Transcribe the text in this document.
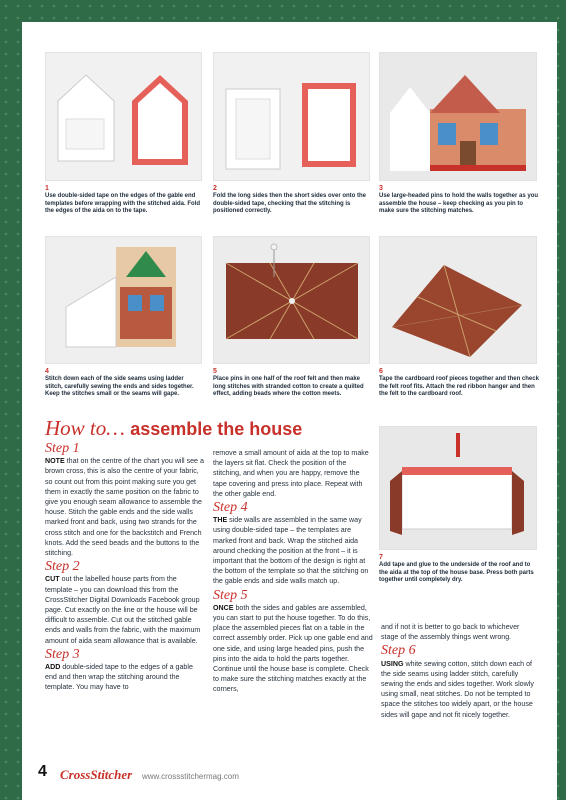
1
Use double-sided tape on the edges of the gable end templates before wrapping with the stitched aida. Fold the edges of the aida on to the tape.
2
Fold the long sides then the short sides over onto the double-sided tape, checking that the stitching is positioned correctly.
3
Use large-headed pins to hold the walls together as you assemble the house – keep checking as you pin to make sure the stitching matches.
4
Stitch down each of the side seams using ladder stitch, carefully sewing the ends and sides together. Keep the stitches small or the seams will gape.
5
Place pins in one half of the roof felt and then make long stitches with stranded cotton to create a quilted effect, adding beads where the cotton meets.
6
Tape the cardboard roof pieces together and then check the felt roof fits. Attach the red ribbon hanger and then the felt to the cardboard roof.
7
Add tape and glue to the underside of the roof and to the aida at the top of the house base. Press both parts together until completely dry.
How to… assemble the house
Step 1

NOTE that on the centre of the chart you will see a brown cross, this is also the centre of your fabric, so count out from this point making sure you get them in exactly the same position on the fabric to give you enough seam allowance to assemble the house. Stitch the gable ends and the side walls marked front and back, using two strands for the cross stitch and one for the backstitch and French knots. Add the seed beads and the buttons to the stitching.

Step 2

CUT out the labelled house parts from the template – you can download this from the CrossStitcher Digital Downloads Facebook group page. Cut exactly on the line or the house will be difficult to assemble. Cut out the stitched gable ends and walls from the fabric, with the maximum amount of aida seam allowance that is available.

Step 3

ADD double-sided tape to the edges of a gable end and then wrap the stitching around the template. You may have to

remove a small amount of aida at the top to make the layers sit flat. Check the position of the stitching, and when you are happy, remove the tape covering and press into place. Repeat with the other gable end.

Step 4

THE side walls are assembled in the same way using double-sided tape – the templates are marked front and back. Wrap the stitched aida around checking the position at the front – it is important that the bottom of the design is right at the bottom of the template so that the stitching on the gable ends and side walls match up.

Step 5

ONCE both the sides and gables are assembled, you can start to put the house together. To do this, place the assembled pieces flat on a table in the correct assembly order. Pick up one gable end and one side, and using large headed pins, push the pins into the aida to hold the parts together. Continue until the house base is complete. Check to make sure the stitching matches exactly at the corners,

and if not it is better to go back to whichever stage of the assembly things went wrong.

Step 6

USING white sewing cotton, stitch down each of the side seams using ladder stitch, carefully sewing the ends and sides together. Work slowly using small, neat stitches. Do not be tempted to space the stitches too widely apart, or the house sides will gape and not fit nicely together.

4 CrossStitcher www.crossstitchermag.com	PassionForum.ru
